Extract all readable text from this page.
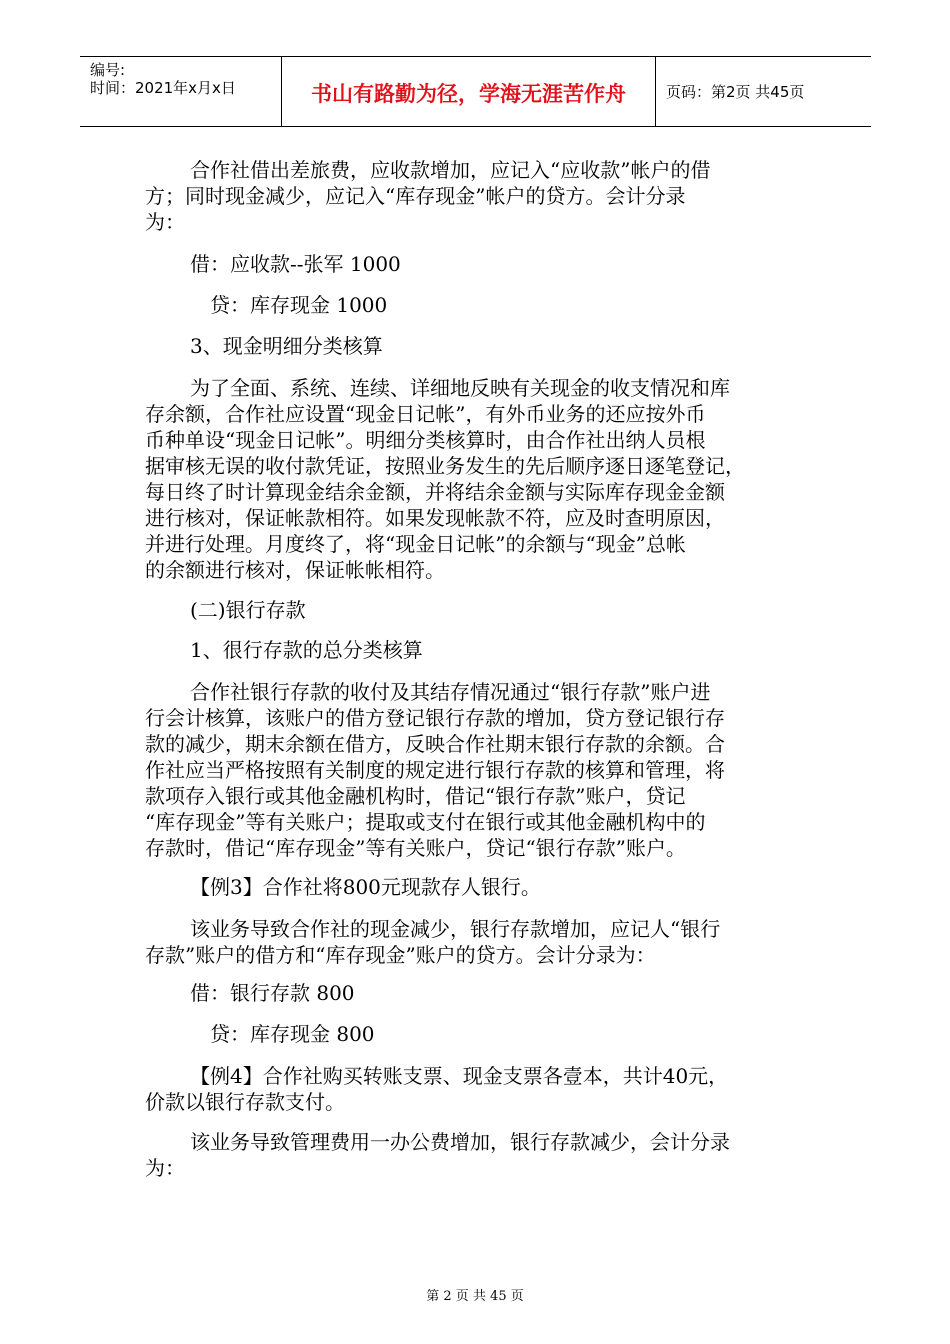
编号:
时间：2021年x月x日	书山有路勤为径，学海无涯苦作舟	页码：第2页 共45页

合作社借出差旅费，应收款增加，应记入“应收款”帐户的借

方；同时现金减少，应记入“库存现金”帐户的贷方。会计分录

为：

借：应收款--张军 1000

贷：库存现金 1000

3、现金明细分类核算

为了全面、系统、连续、详细地反映有关现金的收支情况和库

存余额，合作社应设置“现金日记帐”，有外币业务的还应按外币

币种单设“现金日记帐”。明细分类核算时，由合作社出纳人员根

据审核无误的收付款凭证，按照业务发生的先后顺序逐日逐笔登记，

每日终了时计算现金结余金额，并将结余金额与实际库存现金金额

进行核对，保证帐款相符。如果发现帐款不符，应及时查明原因，

并进行处理。月度终了，将“现金日记帐”的余额与“现金”总帐

的余额进行核对，保证帐帐相符。

(二)银行存款

1、很行存款的总分类核算

合作社银行存款的收付及其结存情况通过“银行存款”账户进

行会计核算，该账户的借方登记银行存款的增加，贷方登记银行存

款的减少，期末余额在借方，反映合作社期末银行存款的余额。合

作社应当严格按照有关制度的规定进行银行存款的核算和管理，将

款项存入银行或其他金融机构时，借记“银行存款”账户，贷记

“库存现金”等有关账户；提取或支付在银行或其他金融机构中的

存款时，借记“库存现金”等有关账户，贷记“银行存款”账户。

【例3】合作社将800元现款存人银行。

该业务导致合作社的现金减少，银行存款增加，应记人“银行

存款”账户的借方和“库存现金”账户的贷方。会计分录为：

借：银行存款 800

贷：库存现金 800

【例4】合作社购买转账支票、现金支票各壹本，共计40元，

价款以银行存款支付。

该业务导致管理费用一办公费增加，银行存款减少，会计分录

为：

第 2 页 共 45 页
